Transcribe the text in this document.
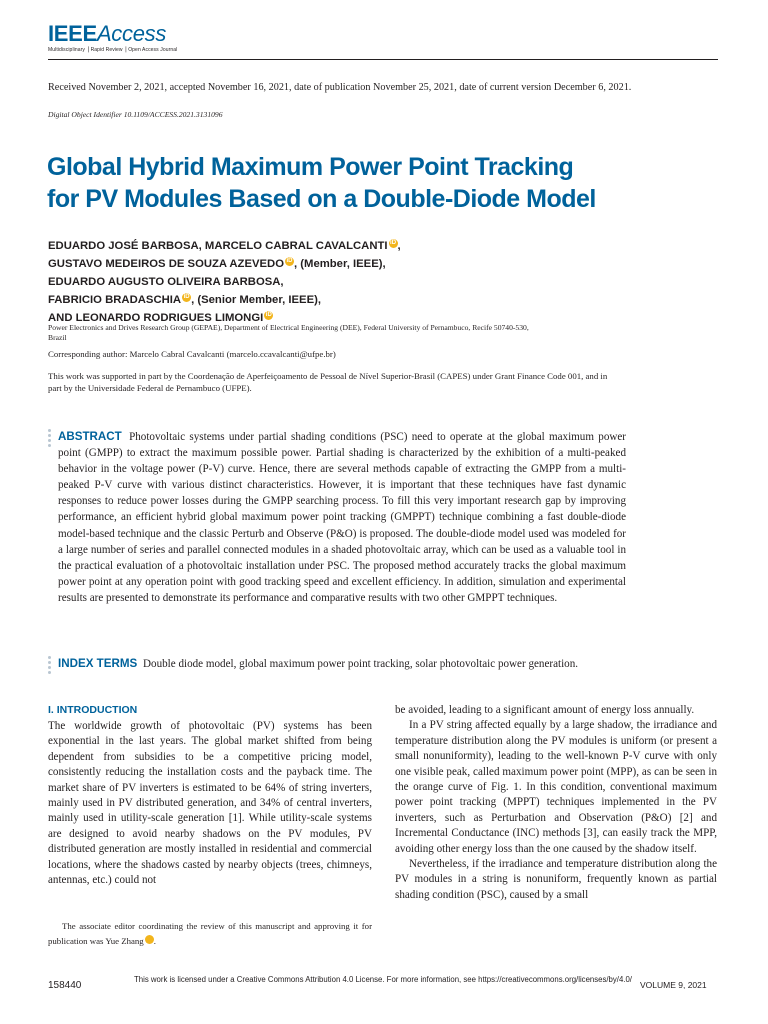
IEEEAccess
Multidisciplinary ⎟ Rapid Review ⎟ Open Access Journal
Received November 2, 2021, accepted November 16, 2021, date of publication November 25, 2021, date of current version December 6, 2021.
Digital Object Identifier 10.1109/ACCESS.2021.3131096
Global Hybrid Maximum Power Point Tracking
for PV Modules Based on a Double-Diode Model
EDUARDO JOSÉ BARBOSA, MARCELO CABRAL CAVALCANTI iD ,
GUSTAVO MEDEIROS DE SOUZA AZEVEDO iD , (Member, IEEE),
EDUARDO AUGUSTO OLIVEIRA BARBOSA,
FABRICIO BRADASCHIA iD , (Senior Member, IEEE),
AND LEONARDO RODRIGUES LIMONGI iD
Power Electronics and Drives Research Group (GEPAE), Department of Electrical Engineering (DEE), Federal University of Pernambuco, Recife 50740-530, Brazil
Corresponding author: Marcelo Cabral Cavalcanti (marcelo.ccavalcanti@ufpe.br)
This work was supported in part by the Coordenação de Aperfeiçoamento de Pessoal de Nível Superior-Brasil (CAPES) under Grant Finance Code 001, and in part by the Universidade Federal de Pernambuco (UFPE).
ABSTRACT Photovoltaic systems under partial shading conditions (PSC) need to operate at the global maximum power point (GMPP) to extract the maximum possible power. Partial shading is characterized by the exhibition of a multi-peaked behavior in the voltage power (P-V) curve. Hence, there are several methods capable of extracting the GMPP from a multi-peaked P-V curve with various distinct characteristics. However, it is important that these techniques have fast dynamic responses to reduce power losses during the GMPP searching process. To fill this very important research gap by improving performance, an efficient hybrid global maximum power point tracking (GMPPT) technique combining a fast double-diode model-based technique and the classic Perturb and Observe (P&O) is proposed. The double-diode model used was modeled for a large number of series and parallel connected modules in a shaded photovoltaic array, which can be used as a valuable tool in the practical evaluation of a photovoltaic installation under PSC. The proposed method accurately tracks the global maximum power point at any operation point with good tracking speed and excellent efficiency. In addition, simulation and experimental results are presented to demonstrate its performance and comparative results with two other GMPPT techniques.
INDEX TERMS Double diode model, global maximum power point tracking, solar photovoltaic power generation.
I. INTRODUCTION

The worldwide growth of photovoltaic (PV) systems has been exponential in the last years. The global market shifted from being dependent from subsidies to be a competitive pricing model, consistently reducing the installation costs and the payback time. The market share of PV inverters is estimated to be 64% of string inverters, mainly used in PV distributed generation, and 34% of central inverters, mainly used in utility-scale generation [1]. While utility-scale systems are designed to avoid nearby shadows on the PV modules, PV distributed generation are mostly installed in residential and commercial locations, where the shadows casted by nearby objects (trees, chimneys, antennas, etc.) could not

be avoided, leading to a significant amount of energy loss annually.

In a PV string affected equally by a large shadow, the irradiance and temperature distribution along the PV modules is uniform (or present a small nonuniformity), leading to the well-known P-V curve with only one visible peak, called maximum power point (MPP), as can be seen in the orange curve of Fig. 1. In this condition, conventional maximum power point tracking (MPPT) techniques implemented in the PV inverters, such as Perturbation and Observation (P&O) [2] and Incremental Conductance (INC) methods [3], can easily track the MPP, avoiding other energy loss than the one caused by the shadow itself.

Nevertheless, if the irradiance and temperature distribution along the PV modules in a string is nonuniform, frequently known as partial shading condition (PSC), caused by a small

The associate editor coordinating the review of this manuscript and approving it for publication was Yue Zhang	iD.

158440
This work is licensed under a Creative Commons Attribution 4.0 License. For more information, see https://creativecommons.org/licenses/by/4.0/
VOLUME 9, 2021
